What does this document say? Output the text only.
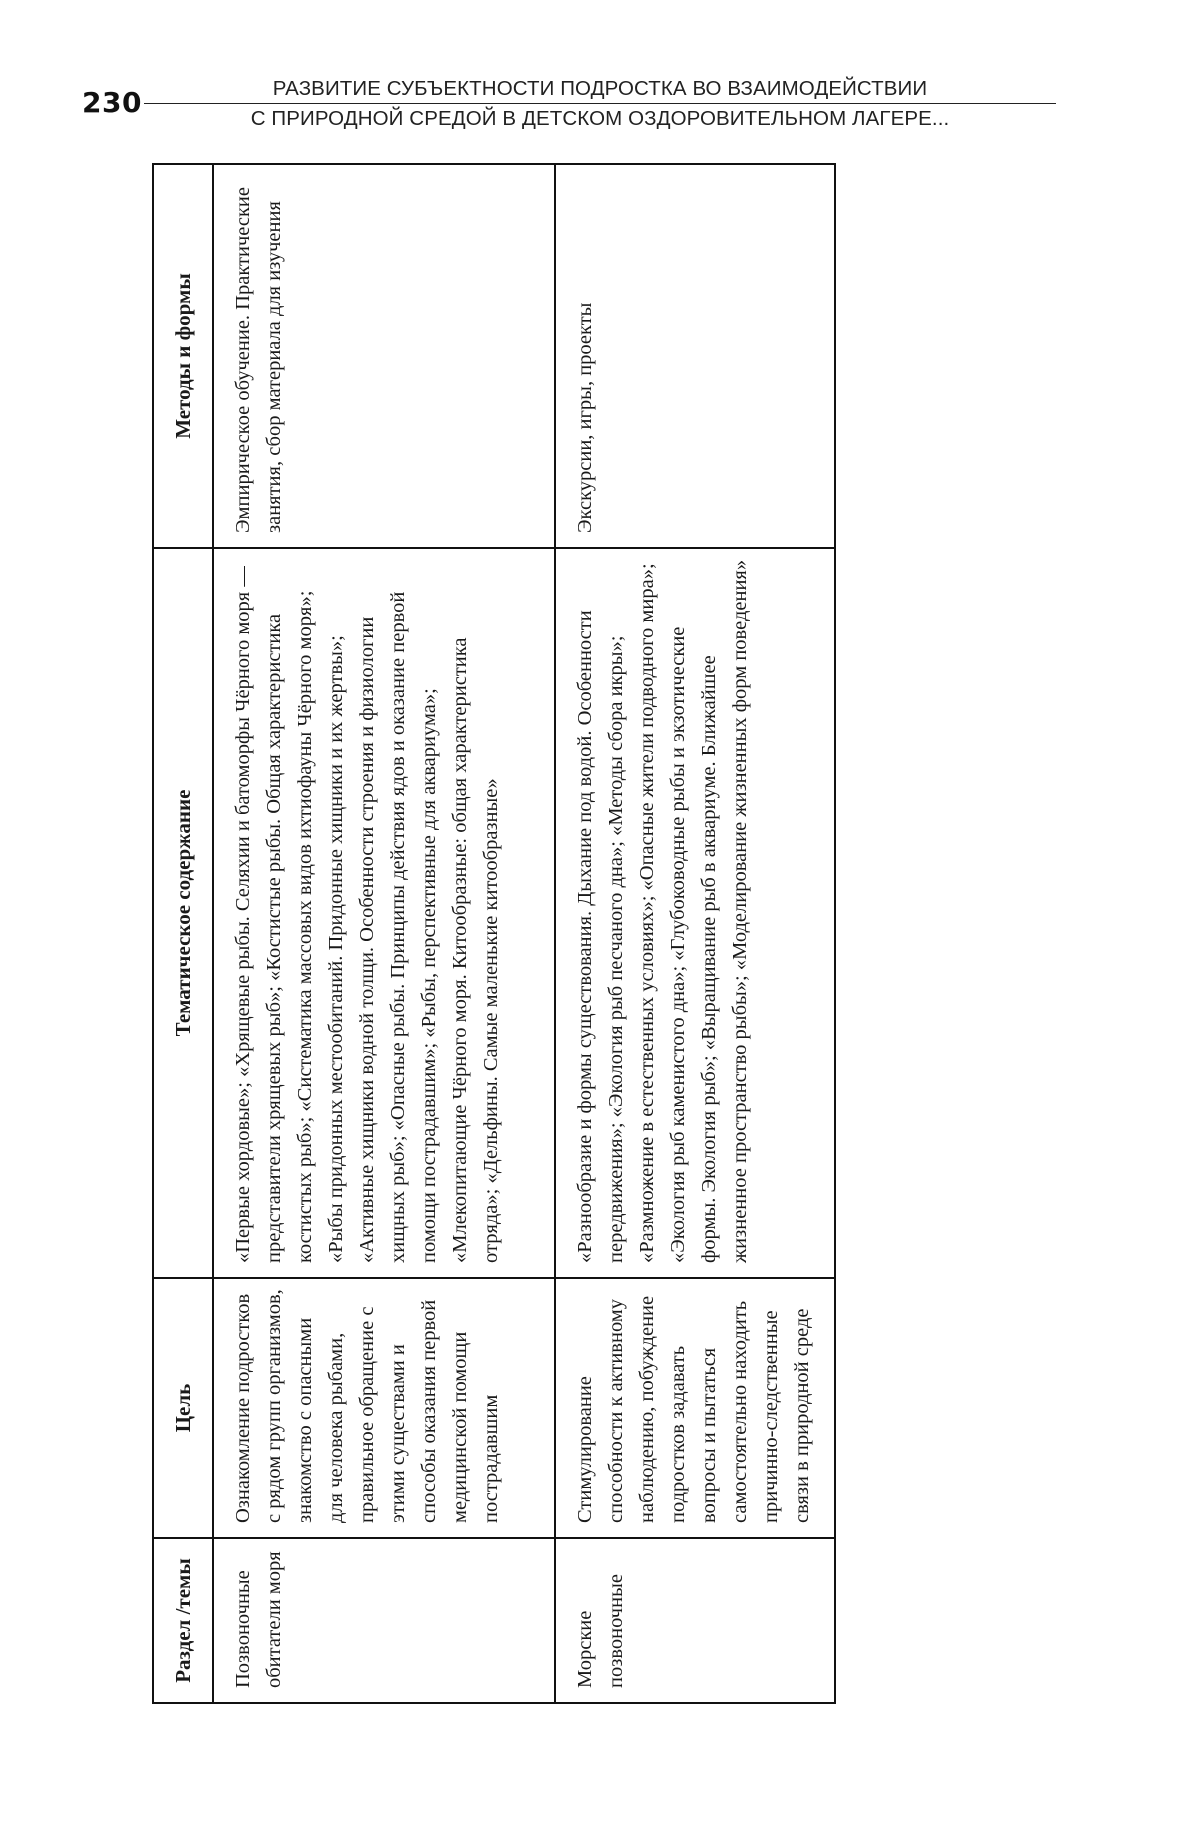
230	РАЗВИТИЕ СУБЪЕКТНОСТИ ПОДРОСТКА ВО ВЗАИМОДЕЙСТВИИ
С ПРИРОДНОЙ СРЕДОЙ В ДЕТСКОМ ОЗДОРОВИТЕЛЬНОМ ЛАГЕРЕ...
Раздел /темы	Цель	Тематическое содержание	Методы и формы
Позвоночные обитатели моря	Ознакомление подростков с рядом групп организмов, знакомство с опасными для человека рыбами, правильное обращение с этими существами и способы оказания первой медицинской помощи пострадавшим	«Первые хордовые»; «Хрящевые рыбы. Селяхии и батоморфы Чёрного моря — представители хрящевых рыб»; «Костистые рыбы. Общая характеристика костистых рыб»; «Систематика массовых видов ихтиофауны Чёрного моря»; «Рыбы придонных местообитаний. Придонные хищники и их жертвы»; «Активные хищники водной толщи. Особенности строения и физиологии хищных рыб»; «Опасные рыбы. Принципы действия ядов и оказание первой помощи пострадавшим»; «Рыбы, перспективные для аквариума»; «Млекопитающие Чёрного моря. Китообразные: общая характеристика отряда»; «Дельфины. Самые маленькие китообразные»	Эмпирическое обучение. Практические занятия, сбор материала для изучения
Морские позвоночные	Стимулирование способности к активному наблюдению, побуждение подростков задавать вопросы и пытаться самостоятельно находить причинно-следственные связи в природной среде	«Разнообразие и формы существования. Дыхание под водой. Особенности передвижения»; «Экология рыб песчаного дна»; «Методы сбора икры»; «Размножение в естественных условиях»; «Опасные жители подводного мира»; «Экология рыб каменистого дна»; «Глубоководные рыбы и экзотические формы. Экология рыб»; «Выращивание рыб в аквариуме. Ближайшее жизненное пространство рыбы»; «Моделирование жизненных форм поведения»	Экскурсии, игры, проекты
